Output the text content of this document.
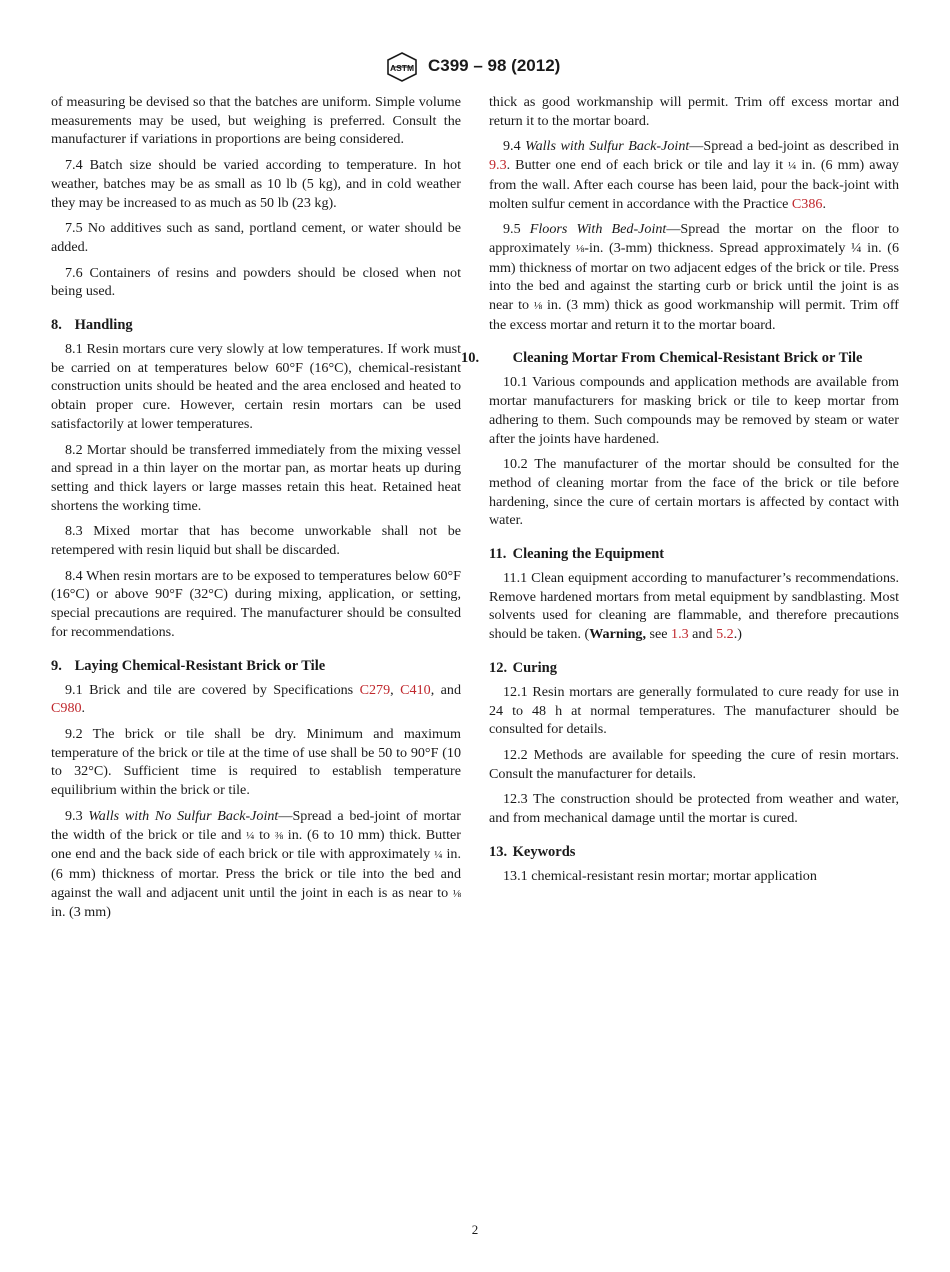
ASTM C399 – 98 (2012)

of measuring be devised so that the batches are uniform. Simple volume measurements may be used, but weighing is preferred. Consult the manufacturer if variations in proportions are being considered.

7.4 Batch size should be varied according to temperature. In hot weather, batches may be as small as 10 lb (5 kg), and in cold weather they may be increased to as much as 50 lb (23 kg).

7.5 No additives such as sand, portland cement, or water should be added.

7.6 Containers of resins and powders should be closed when not being used.

8. Handling

8.1 Resin mortars cure very slowly at low temperatures. If work must be carried on at temperatures below 60°F (16°C), chemical-resistant construction units should be heated and the area enclosed and heated to obtain proper cure. However, certain resin mortars can be used satisfactorily at lower temperatures.

8.2 Mortar should be transferred immediately from the mixing vessel and spread in a thin layer on the mortar pan, as mortar heats up during setting and thick layers or large masses retain this heat. Retained heat shortens the working time.

8.3 Mixed mortar that has become unworkable shall not be retempered with resin liquid but shall be discarded.

8.4 When resin mortars are to be exposed to temperatures below 60°F (16°C) or above 90°F (32°C) during mixing, application, or setting, special precautions are required. The manufacturer should be consulted for recommendations.

9. Laying Chemical-Resistant Brick or Tile

9.1 Brick and tile are covered by Specifications C279, C410, and C980.

9.2 The brick or tile shall be dry. Minimum and maximum temperature of the brick or tile at the time of use shall be 50 to 90°F (10 to 32°C). Sufficient time is required to establish temperature equilibrium within the brick or tile.

9.3 Walls with No Sulfur Back-Joint—Spread a bed-joint of mortar the width of the brick or tile and ¼ to ⅜ in. (6 to 10 mm) thick. Butter one end and the back side of each brick or tile with approximately ¼ in. (6 mm) thickness of mortar. Press the brick or tile into the bed and against the wall and adjacent unit until the joint in each is as near to ⅛ in. (3 mm)

thick as good workmanship will permit. Trim off excess mortar and return it to the mortar board.

9.4 Walls with Sulfur Back-Joint—Spread a bed-joint as described in 9.3. Butter one end of each brick or tile and lay it ¼ in. (6 mm) away from the wall. After each course has been laid, pour the back-joint with molten sulfur cement in accordance with the Practice C386.

9.5 Floors With Bed-Joint—Spread the mortar on the floor to approximately ⅛-in. (3-mm) thickness. Spread approximately ¼ in. (6 mm) thickness of mortar on two adjacent edges of the brick or tile. Press into the bed and against the starting curb or brick until the joint is as near to ⅛ in. (3 mm) thick as good workmanship will permit. Trim off the excess mortar and return it to the mortar board.

10. Cleaning Mortar From Chemical-Resistant Brick or Tile

10.1 Various compounds and application methods are available from mortar manufacturers for masking brick or tile to keep mortar from adhering to them. Such compounds may be removed by steam or water after the joints have hardened.

10.2 The manufacturer of the mortar should be consulted for the method of cleaning mortar from the face of the brick or tile before hardening, since the cure of certain mortars is affected by contact with water.

11. Cleaning the Equipment

11.1 Clean equipment according to manufacturer’s recommendations. Remove hardened mortars from metal equipment by sandblasting. Most solvents used for cleaning are flammable, and therefore precautions should be taken. (Warning, see 1.3 and 5.2.)

12. Curing

12.1 Resin mortars are generally formulated to cure ready for use in 24 to 48 h at normal temperatures. The manufacturer should be consulted for details.

12.2 Methods are available for speeding the cure of resin mortars. Consult the manufacturer for details.

12.3 The construction should be protected from weather and water, and from mechanical damage until the mortar is cured.

13. Keywords

13.1 chemical-resistant resin mortar; mortar application

2
